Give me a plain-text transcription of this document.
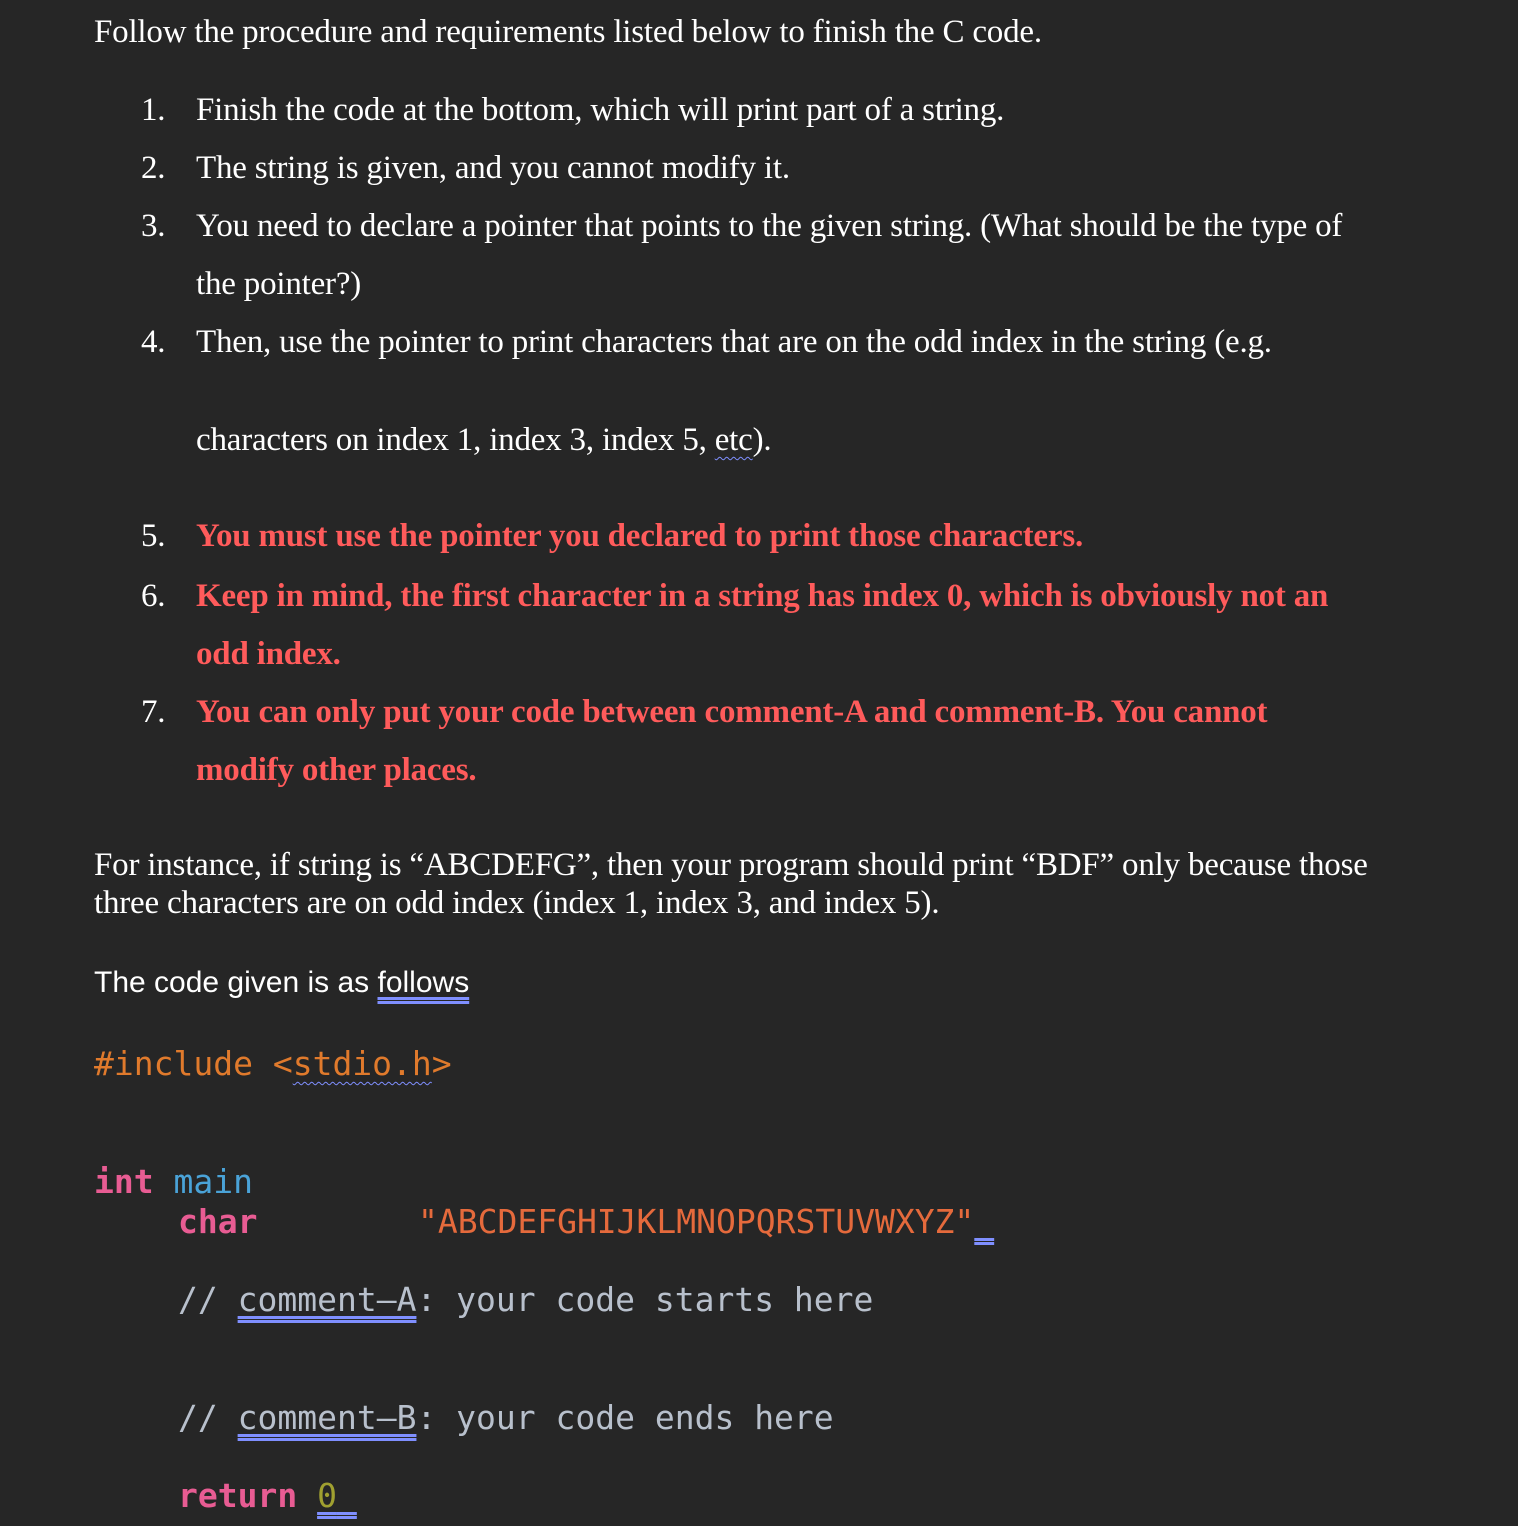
Follow the procedure and requirements listed below to finish the C code.
1. Finish the code at the bottom, which will print part of a string.
2. The string is given, and you cannot modify it.
3. You need to declare a pointer that points to the given string. (What should be the type of
the pointer?)
4. Then, use the pointer to print characters that are on the odd index in the string (e.g.
characters on index 1, index 3, index 5, etc).
5. You must use the pointer you declared to print those characters.
6. Keep in mind, the first character in a string has index 0, which is obviously not an
odd index.
7. You can only put your code between comment-A and comment-B. You cannot
modify other places.
For instance, if string is “ABCDEFG”, then your program should print “BDF” only because those three characters are on odd index (index 1, index 3, and index 5).
The code given is as follows
#include <stdio.h>
int main
char	"ABCDEFGHIJKLMNOPQRSTUVWXYZ"
// comment–A: your code starts here
// comment–B: your code ends here
return 0
